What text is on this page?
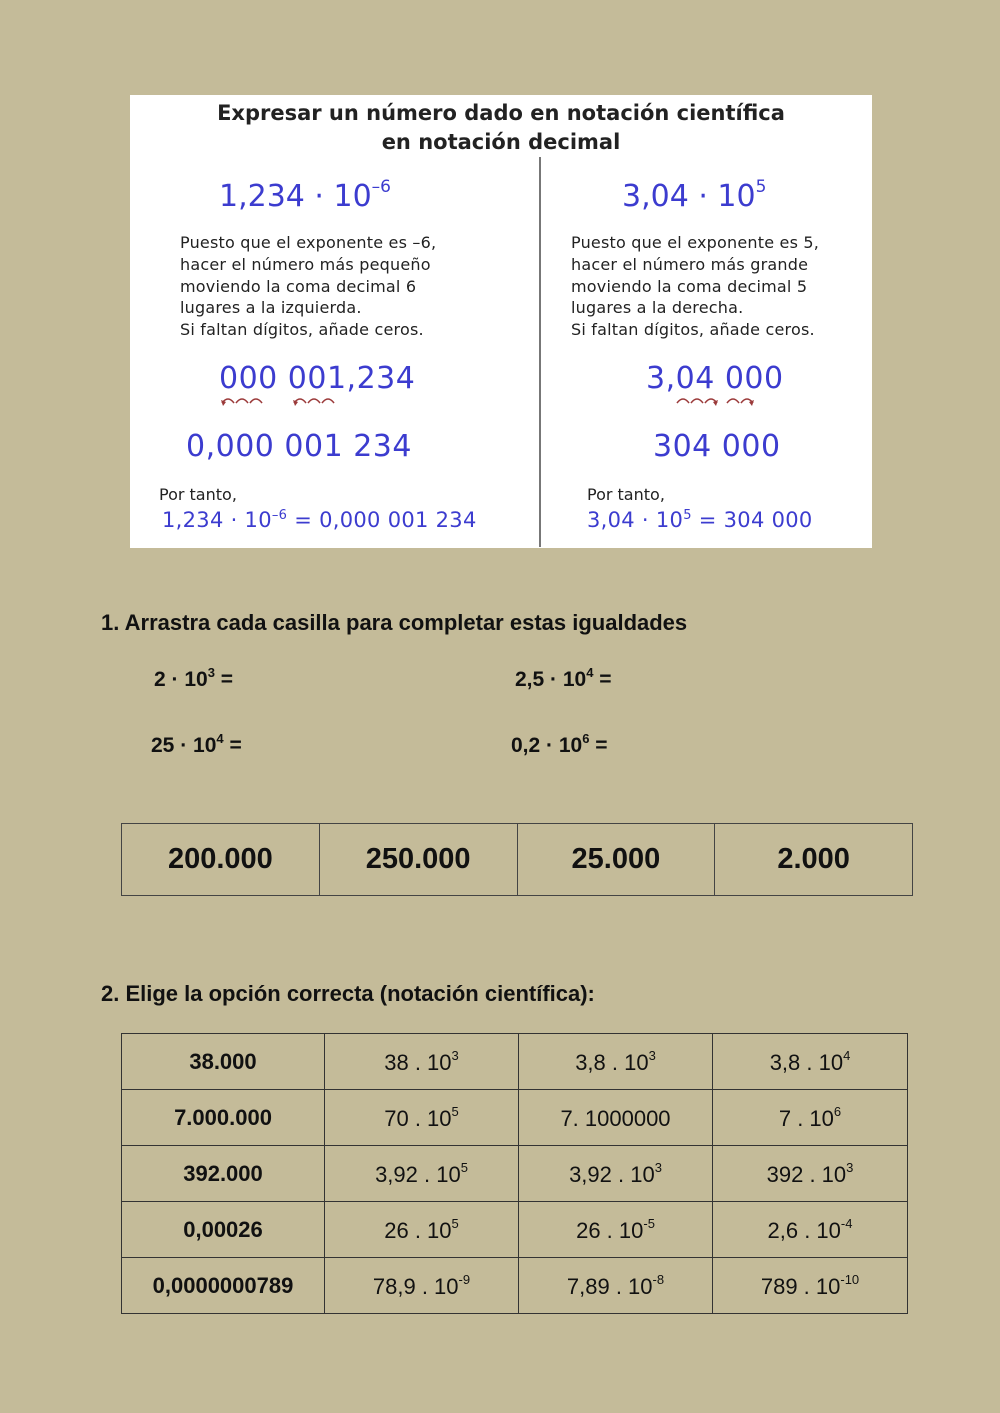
Expresar un número dado en notación científica
en notación decimal
$1,234 \cdot 10^{-6}$
Puesto que el exponente es –6,
hacer el número más pequeño
moviendo la coma decimal 6
lugares a la izquierda.
Si faltan dígitos, añade ceros.
000 001,234
0,000 001 234
Por tanto,
$1,234 \cdot 10^{-6} = 0,000$ 001 234
$3,04 \cdot 10^5$
Puesto que el exponente es 5,
hacer el número más grande
moviendo la coma decimal 5
lugares a la derecha.
Si faltan dígitos, añade ceros.
3,04 000
304 000
Por tanto,
$3,04 \cdot 10^5 = 304$ 000
1. Arrastra cada casilla para completar estas igualdades
$2 \cdot 10^3$ =	$2,5 \cdot 10^4$ =
$25 \cdot 10^4$ =	$0,2 \cdot 10^6$ =
200.000	250.000	25.000	2.000
2. Elige la opción correcta (notación científica):
38.000	38 . $10^3$	3,8 . $10^3$	3,8 . $10^4$
7.000.000	70 . $10^5$	7. 1000000	7 . $10^6$
392.000	3,92 . $10^5$	3,92 . $10^3$	392 . $10^3$
0,00026	26 . $10^5$	26 . $10^{-5}$	2,6 . $10^{-4}$
0,0000000789	78,9 . $10^{-9}$	7,89 . $10^{-8}$	789 . $10^{-10}$
